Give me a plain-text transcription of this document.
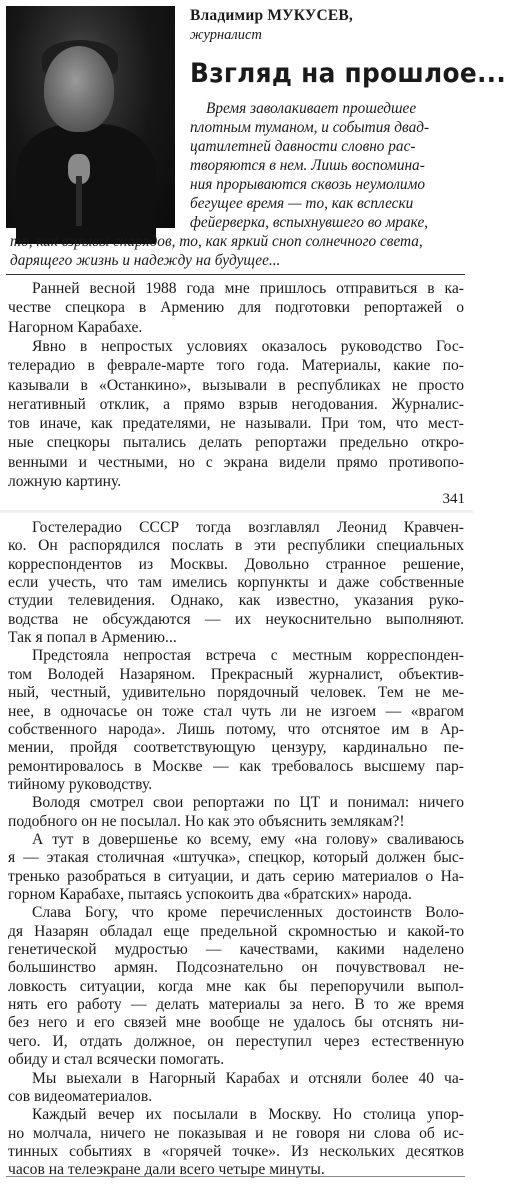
Владимир МУКУСЕВ,
журналист
Взгляд на прошлое...
Время заволакивает прошедшее
плотным туманом, и события двад-
цатилетней давности словно рас-
творяются в нем. Лишь воспомина-
ния прорываются сквозь неумолимо
бегущее время — то, как всплески
фейерверка, вспыхнувшего во мраке,
то, как взрывы снарядов, то, как яркий сноп солнечного света,
дарящего жизнь и надежду на будущее...
Ранней весной 1988 года мне пришлось отправиться в ка-
честве спецкора в Армению для подготовки репортажей о
Нагорном Карабахе.
Явно в непростых условиях оказалось руководство Гос-
телерадио в феврале-марте того года. Материалы, какие по-
казывали в «Останкино», вызывали в республиках не просто
негативный отклик, а прямо взрыв негодования. Журналис-
тов иначе, как предателями, не называли. При том, что мест-
ные спецкоры пытались делать репортажи предельно откро-
венными и честными, но с экрана видели прямо противопо-
ложную картину.
341
Гостелерадио СССР тогда возглавлял Леонид Кравчен-
ко. Он распорядился послать в эти республики специальных
корреспондентов из Москвы. Довольно странное решение,
если учесть, что там имелись корпункты и даже собственные
студии телевидения. Однако, как известно, указания руко-
водства не обсуждаются — их неукоснительно выполняют.
Так я попал в Армению...
Предстояла непростая встреча с местным корреспонден-
том Володей Назаряном. Прекрасный журналист, объектив-
ный, честный, удивительно порядочный человек. Тем не ме-
нее, в одночасье он тоже стал чуть ли не изгоем — «врагом
собственного народа». Лишь потому, что отснятое им в Ар-
мении, пройдя соответствующую цензуру, кардинально пе-
ремонтировалось в Москве — как требовалось высшему пар-
тийному руководству.
Володя смотрел свои репортажи по ЦТ и понимал: ничего
подобного он не посылал. Но как это объяснить землякам?!
А тут в довершенье ко всему, ему «на голову» сваливаюсь
я — этакая столичная «штучка», спецкор, который должен быс-
тренько разобраться в ситуации, и дать серию материалов о На-
горном Карабахе, пытаясь успокоить два «братских» народа.
Слава Богу, что кроме перечисленных достоинств Воло-
дя Назарян обладал еще предельной скромностью и какой-то
генетической мудростью — качествами, какими наделено
большинство армян. Подсознательно он почувствовал не-
ловкость ситуации, когда мне как бы перепоручили выпол-
нять его работу — делать материалы за него. В то же время
без него и его связей мне вообще не удалось бы отснять ни-
чего. И, отдать должное, он переступил через естественную
обиду и стал всячески помогать.
Мы выехали в Нагорный Карабах и отсняли более 40 ча-
сов видеоматериалов.
Каждый вечер их посылали в Москву. Но столица упор-
но молчала, ничего не показывая и не говоря ни слова об ис-
тинных событиях в «горячей точке». Из нескольких десятков
часов на телеэкране дали всего четыре минуты.
